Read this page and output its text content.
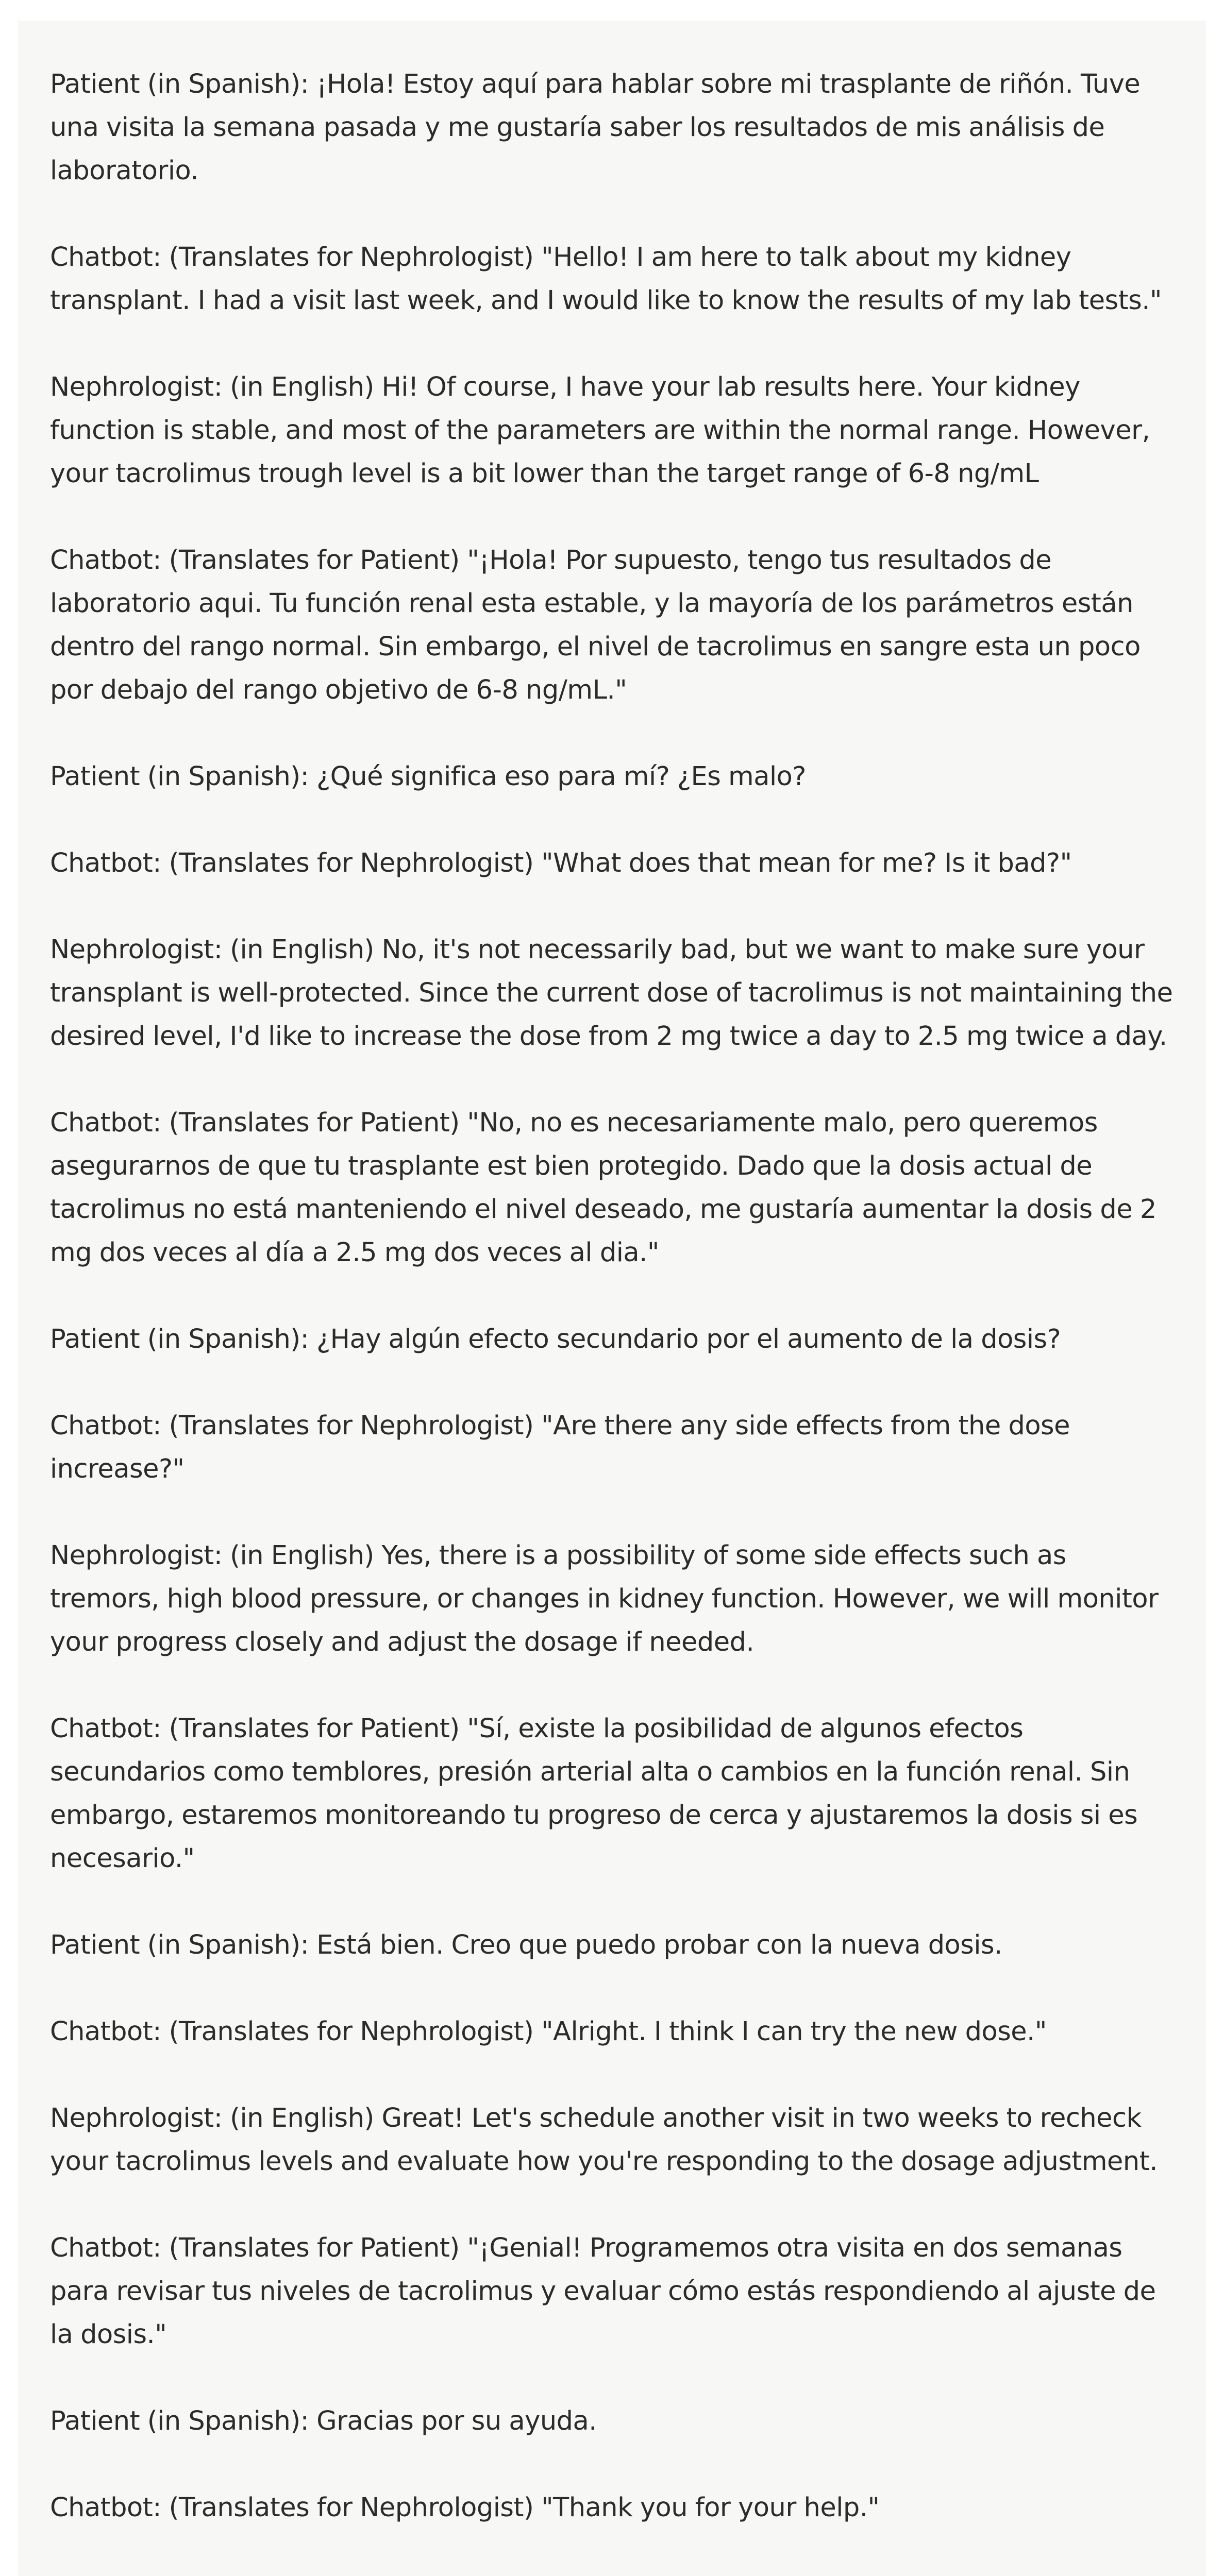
Patient (in Spanish): ¡Hola! Estoy aquí para hablar sobre mi trasplante de riñón. Tuve una visita la semana pasada y me gustaría saber los resultados de mis análisis de laboratorio.

Chatbot: (Translates for Nephrologist) "Hello! I am here to talk about my kidney transplant. I had a visit last week, and I would like to know the results of my lab tests."

Nephrologist: (in English) Hi! Of course, I have your lab results here. Your kidney function is stable, and most of the parameters are within the normal range. However, your tacrolimus trough level is a bit lower than the target range of 6-8 ng/mL

Chatbot: (Translates for Patient) "¡Hola! Por supuesto, tengo tus resultados de laboratorio aqui. Tu función renal esta estable, y la mayoría de los parámetros están dentro del rango normal. Sin embargo, el nivel de tacrolimus en sangre esta un poco por debajo del rango objetivo de 6-8 ng/mL."

Patient (in Spanish): ¿Qué significa eso para mí? ¿Es malo?

Chatbot: (Translates for Nephrologist) "What does that mean for me? Is it bad?"

Nephrologist: (in English) No, it's not necessarily bad, but we want to make sure your transplant is well-protected. Since the current dose of tacrolimus is not maintaining the desired level, I'd like to increase the dose from 2 mg twice a day to 2.5 mg twice a day.

Chatbot: (Translates for Patient) "No, no es necesariamente malo, pero queremos asegurarnos de que tu trasplante est bien protegido. Dado que la dosis actual de tacrolimus no está manteniendo el nivel deseado, me gustaría aumentar la dosis de 2 mg dos veces al día a 2.5 mg dos veces al dia."

Patient (in Spanish): ¿Hay algún efecto secundario por el aumento de la dosis?

Chatbot: (Translates for Nephrologist) "Are there any side effects from the dose increase?"

Nephrologist: (in English) Yes, there is a possibility of some side effects such as tremors, high blood pressure, or changes in kidney function. However, we will monitor your progress closely and adjust the dosage if needed.

Chatbot: (Translates for Patient) "Sí, existe la posibilidad de algunos efectos secundarios como temblores, presión arterial alta o cambios en la función renal. Sin embargo, estaremos monitoreando tu progreso de cerca y ajustaremos la dosis si es necesario."

Patient (in Spanish): Está bien. Creo que puedo probar con la nueva dosis.

Chatbot: (Translates for Nephrologist) "Alright. I think I can try the new dose."

Nephrologist: (in English) Great! Let's schedule another visit in two weeks to recheck your tacrolimus levels and evaluate how you're responding to the dosage adjustment.

Chatbot: (Translates for Patient) "¡Genial! Programemos otra visita en dos semanas para revisar tus niveles de tacrolimus y evaluar cómo estás respondiendo al ajuste de la dosis."

Patient (in Spanish): Gracias por su ayuda.

Chatbot: (Translates for Nephrologist) "Thank you for your help."
